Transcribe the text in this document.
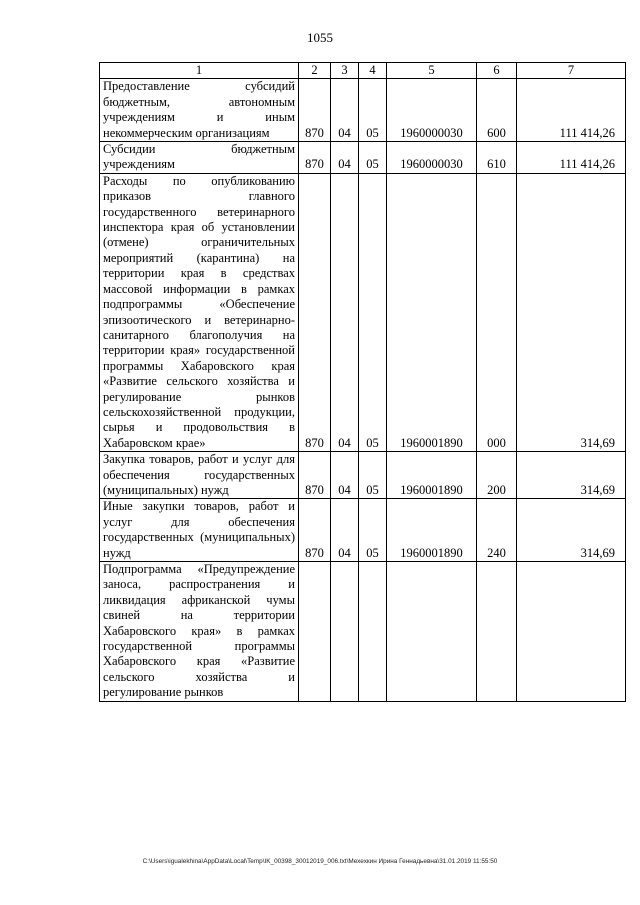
1055
1	2	3	4	5	6	7

Предоставление субсидий бюджетным, автономным учреждениям и иным некоммерческим организациям	870	04	05	1960000030	600	111 414,26

Субсидии бюджетным учреждениям	870	04	05	1960000030	610	111 414,26

Расходы по опубликованию приказов главного государственного ветеринарного инспектора края об установлении (отмене) ограничительных мероприятий (карантина) на территории края в средствах массовой информации в рамках подпрограммы «Обеспечение эпизоотического и ветеринарно-санитарного благополучия на территории края» государственной программы Хабаровского края «Развитие сельского хозяйства и регулирование рынков сельскохозяйственной продукции, сырья и продовольствия в Хабаровском крае»	870	04	05	1960001890	000	314,69

Закупка товаров, работ и услуг для обеспечения государственных (муниципальных) нужд	870	04	05	1960001890	200	314,69

Иные закупки товаров, работ и услуг для обеспечения государственных (муниципальных) нужд	870	04	05	1960001890	240	314,69

Подпрограмма «Предупреждение заноса, распространения и ликвидация африканской чумы свиней на территории Хабаровского края» в рамках государственной программы Хабаровского края «Развитие сельского хозяйства и регулирование рынков						

C:\Users\igualekhina\AppData\Local\Temp\IK_00398_30012019_006.txt\Мехехкин Ирина Геннадьевна\31.01.2019 11:55:50
